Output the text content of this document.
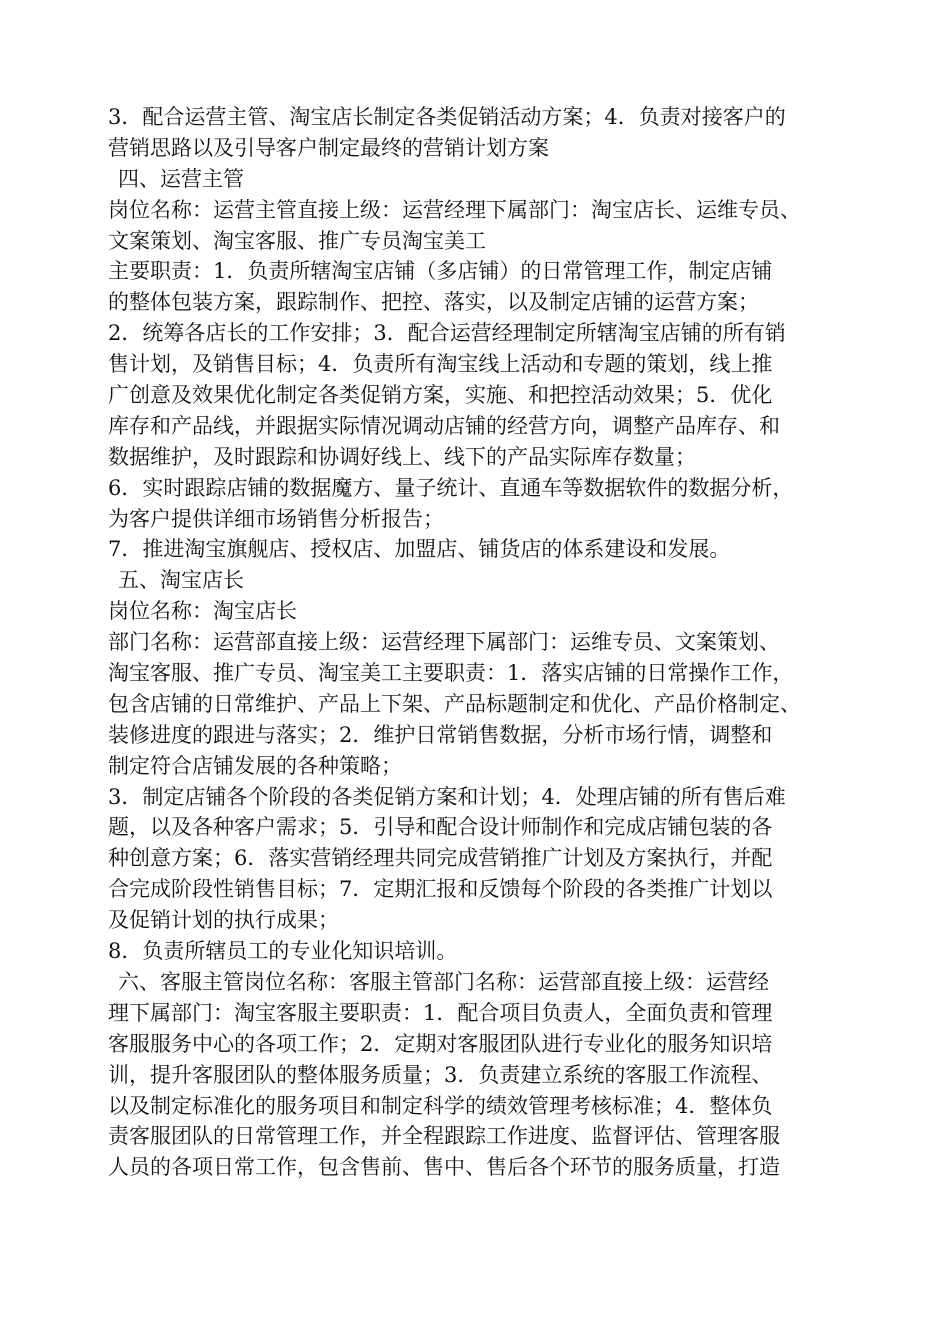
3．配合运营主管、淘宝店长制定各类促销活动方案；4．负责对接客户的
营销思路以及引导客户制定最终的营销计划方案
四、运营主管
岗位名称：运营主管直接上级：运营经理下属部门：淘宝店长、运维专员、
文案策划、淘宝客服、推广专员淘宝美工
主要职责：1．负责所辖淘宝店铺（多店铺）的日常管理工作，制定店铺
的整体包装方案，跟踪制作、把控、落实，以及制定店铺的运营方案；
2．统筹各店长的工作安排；3．配合运营经理制定所辖淘宝店铺的所有销
售计划，及销售目标；4．负责所有淘宝线上活动和专题的策划，线上推
广创意及效果优化制定各类促销方案，实施、和把控活动效果；5．优化
库存和产品线，并跟据实际情况调动店铺的经营方向，调整产品库存、和
数据维护，及时跟踪和协调好线上、线下的产品实际库存数量；
6．实时跟踪店铺的数据魔方、量子统计、直通车等数据软件的数据分析，
为客户提供详细市场销售分析报告；
7．推进淘宝旗舰店、授权店、加盟店、铺货店的体系建设和发展。
五、淘宝店长
岗位名称：淘宝店长
部门名称：运营部直接上级：运营经理下属部门：运维专员、文案策划、
淘宝客服、推广专员、淘宝美工主要职责：1．落实店铺的日常操作工作，
包含店铺的日常维护、产品上下架、产品标题制定和优化、产品价格制定、
装修进度的跟进与落实；2．维护日常销售数据，分析市场行情，调整和
制定符合店铺发展的各种策略；
3．制定店铺各个阶段的各类促销方案和计划；4．处理店铺的所有售后难
题，以及各种客户需求；5．引导和配合设计师制作和完成店铺包装的各
种创意方案；6．落实营销经理共同完成营销推广计划及方案执行，并配
合完成阶段性销售目标；7．定期汇报和反馈每个阶段的各类推广计划以
及促销计划的执行成果；
8．负责所辖员工的专业化知识培训。
六、客服主管岗位名称：客服主管部门名称：运营部直接上级：运营经
理下属部门：淘宝客服主要职责：1．配合项目负责人，全面负责和管理
客服服务中心的各项工作；2．定期对客服团队进行专业化的服务知识培
训，提升客服团队的整体服务质量；3．负责建立系统的客服工作流程、
以及制定标准化的服务项目和制定科学的绩效管理考核标准；4．整体负
责客服团队的日常管理工作，并全程跟踪工作进度、监督评估、管理客服
人员的各项日常工作，包含售前、售中、售后各个环节的服务质量，打造
